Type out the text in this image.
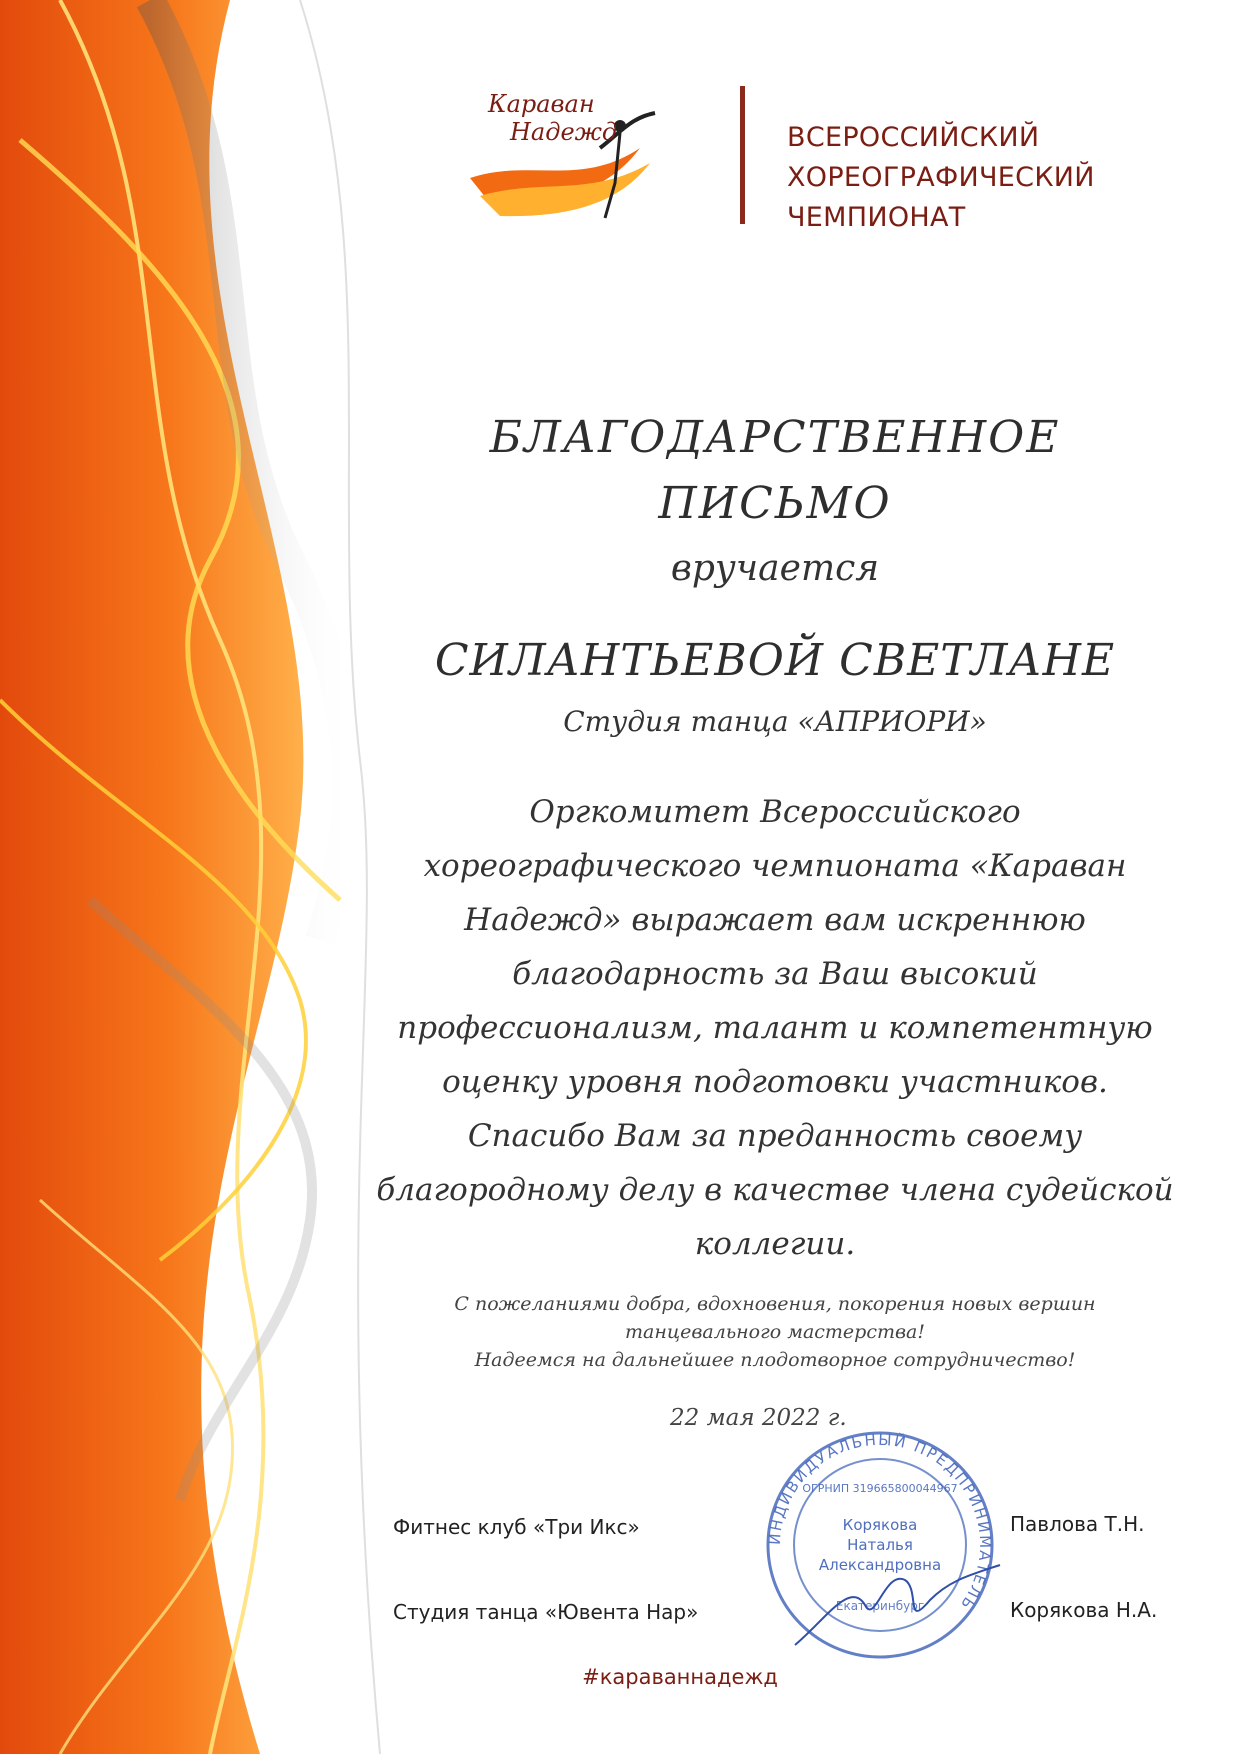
Караван
Надежд	ВСЕРОССИЙСКИЙ
ХОРЕОГРАФИЧЕСКИЙ
ЧЕМПИОНАТ
БЛАГОДАРСТВЕННОЕ
ПИСЬМО
вручается
СИЛАНТЬЕВОЙ СВЕТЛАНЕ
Студия танца «АПРИОРИ»
Оргкомитет Всероссийского
хореографического чемпионата «Караван
Надежд» выражает вам искреннюю
благодарность за Ваш высокий
профессионализм, талант и компетентную
оценку уровня подготовки участников.
Спасибо Вам за преданность своему
благородному делу в качестве члена судейской
коллегии.
С пожеланиями добра, вдохновения, покорения новых вершин
танцевального мастерства!
Надеемся на дальнейшее плодотворное сотрудничество!
22 мая 2022 г.
ИНДИВИДУАЛЬНЫЙ ПРЕДПРИНИМАТЕЛЬ
ОГРНИП 319665800044967
Корякова
Наталья
Александровна
Екатеринбург
Фитнес клуб «Три Икс»
Студия танца «Ювента Нар»
Павлова Т.Н.
Корякова Н.А.
#караваннадежд
